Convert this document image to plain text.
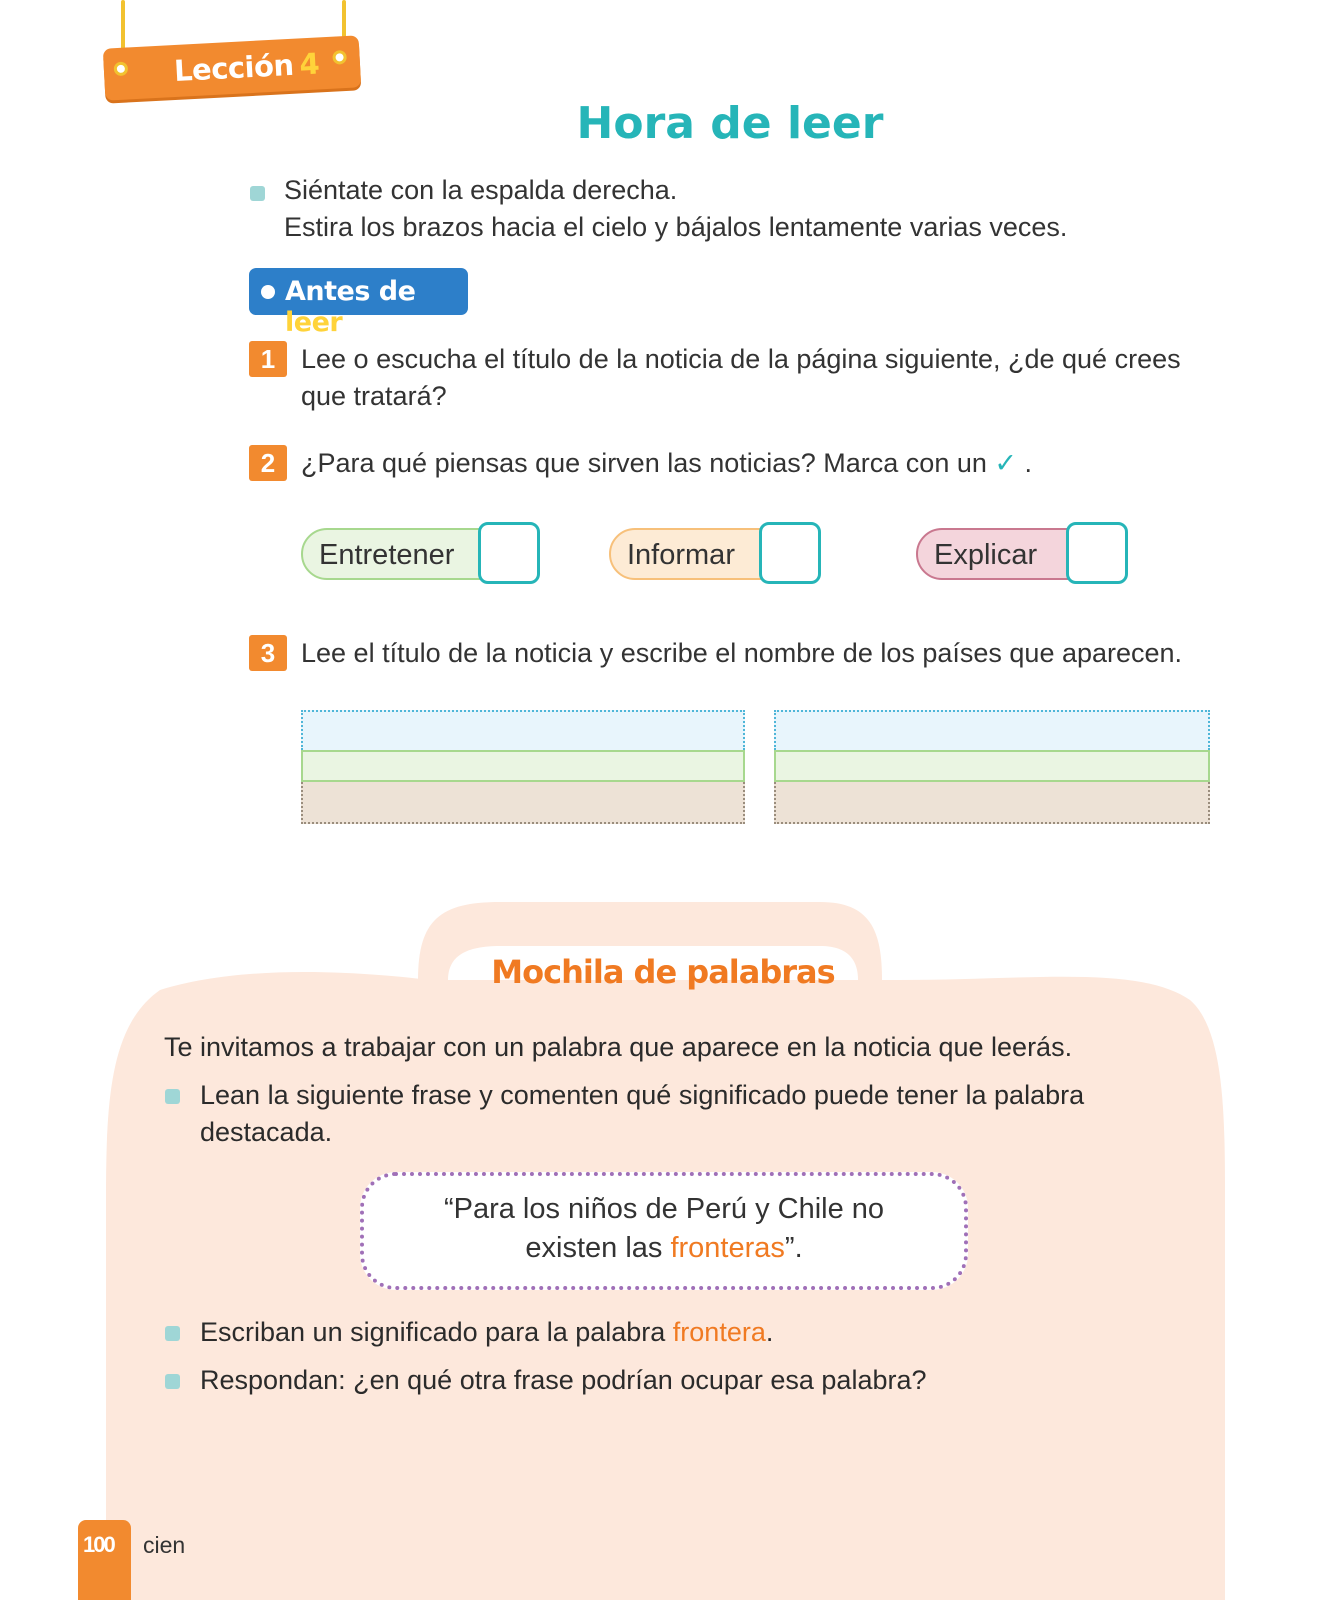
Lección 4
Hora de leer
Siéntate con la espalda derecha.
Estira los brazos hacia el cielo y bájalos lentamente varias veces.
Antes de leer
1 Lee o escucha el título de la noticia de la página siguiente, ¿de qué crees
que tratará?
2 ¿Para qué piensas que sirven las noticias? Marca con un ✓ .
Entretener	Informar	Explicar
3 Lee el título de la noticia y escribe el nombre de los países que aparecen.
Mochila de palabras
Te invitamos a trabajar con un palabra que aparece en la noticia que leerás.
Lean la siguiente frase y comenten qué significado puede tener la palabra
destacada.
“Para los niños de Perú y Chile no
existen las fronteras”.
Escriban un significado para la palabra frontera.
Respondan: ¿en qué otra frase podrían ocupar esa palabra?
100 cien
